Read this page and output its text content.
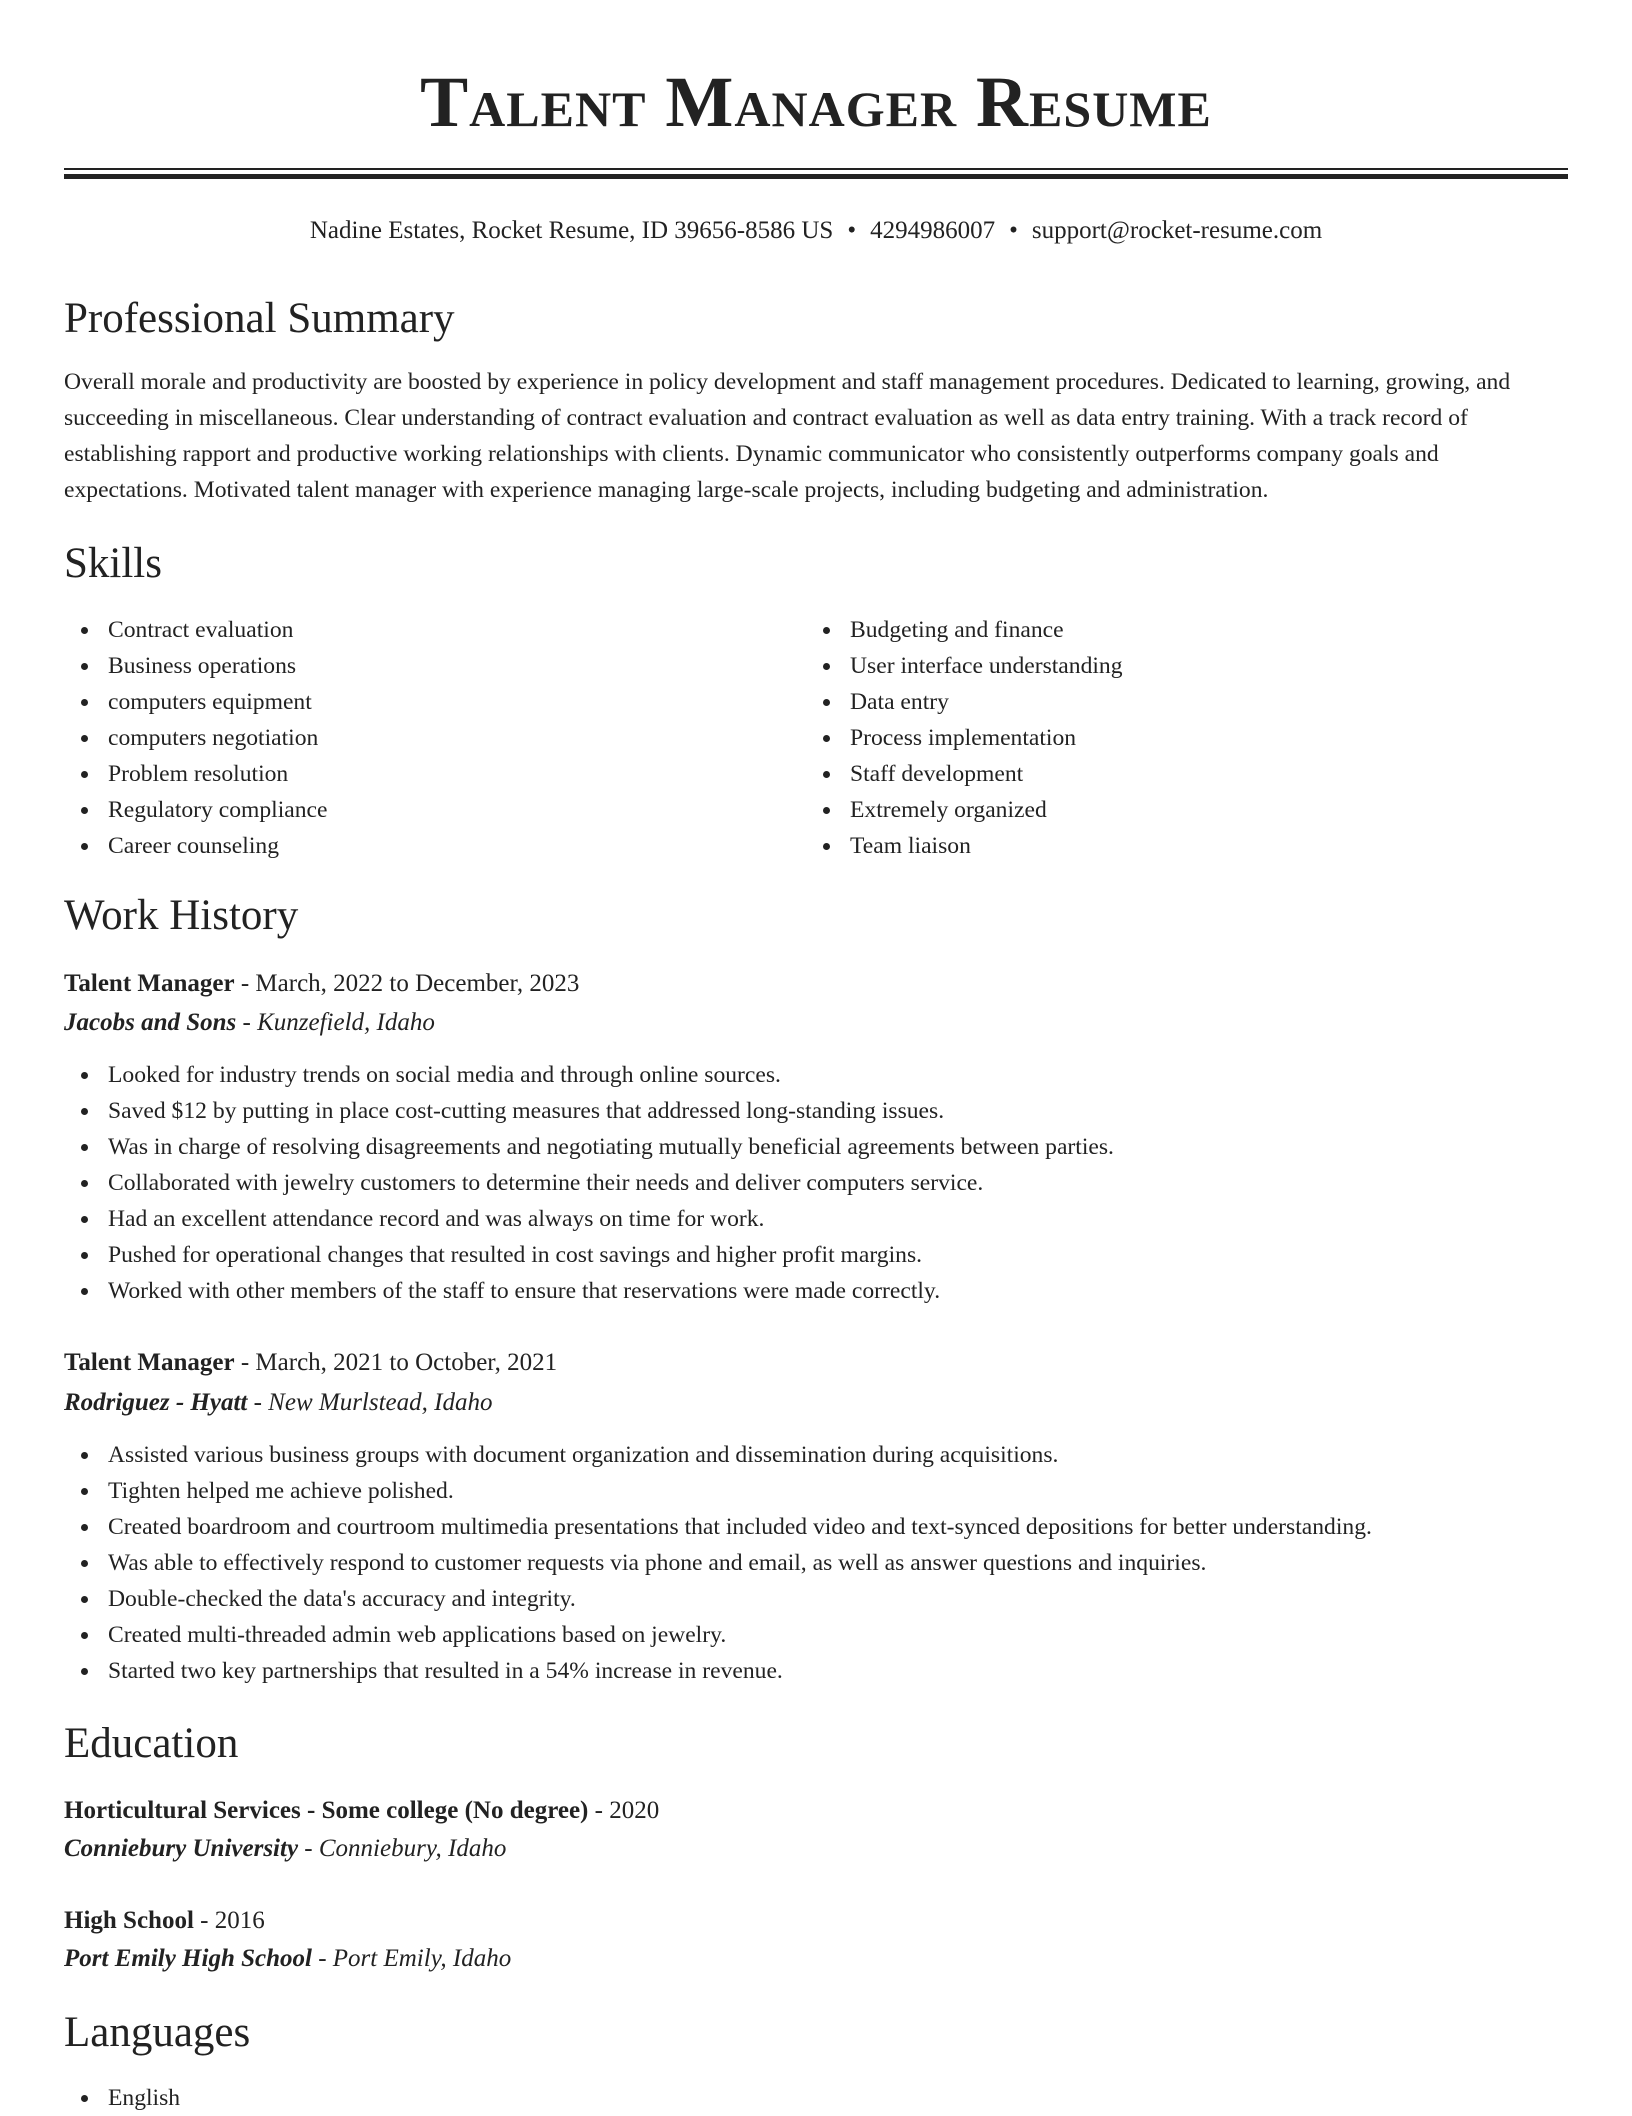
Talent Manager Resume
Nadine Estates, Rocket Resume, ID 39656-8586 US • 4294986007 • support@rocket-resume.com
Professional Summary

Overall morale and productivity are boosted by experience in policy development and staff management procedures. Dedicated to learning, growing, and succeeding in miscellaneous. Clear understanding of contract evaluation and contract evaluation as well as data entry training. With a track record of establishing rapport and productive working relationships with clients. Dynamic communicator who consistently outperforms company goals and expectations. Motivated talent manager with experience managing large-scale projects, including budgeting and administration.

Skills
Contract evaluation
Business operations
computers equipment
computers negotiation
Problem resolution
Regulatory compliance
Career counseling
Budgeting and finance
User interface understanding
Data entry
Process implementation
Staff development
Extremely organized
Team liaison
Work History
Talent Manager - March, 2022 to December, 2023
Jacobs and Sons - Kunzefield, Idaho
Looked for industry trends on social media and through online sources.
Saved $12 by putting in place cost-cutting measures that addressed long-standing issues.
Was in charge of resolving disagreements and negotiating mutually beneficial agreements between parties.
Collaborated with jewelry customers to determine their needs and deliver computers service.
Had an excellent attendance record and was always on time for work.
Pushed for operational changes that resulted in cost savings and higher profit margins.
Worked with other members of the staff to ensure that reservations were made correctly.
Talent Manager - March, 2021 to October, 2021
Rodriguez - Hyatt - New Murlstead, Idaho
Assisted various business groups with document organization and dissemination during acquisitions.
Tighten helped me achieve polished.
Created boardroom and courtroom multimedia presentations that included video and text-synced depositions for better understanding.
Was able to effectively respond to customer requests via phone and email, as well as answer questions and inquiries.
Double-checked the data's accuracy and integrity.
Created multi-threaded admin web applications based on jewelry.
Started two key partnerships that resulted in a 54% increase in revenue.
Education
Horticultural Services - Some college (No degree) - 2020
Conniebury University - Conniebury, Idaho
High School - 2016
Port Emily High School - Port Emily, Idaho
Languages
English
